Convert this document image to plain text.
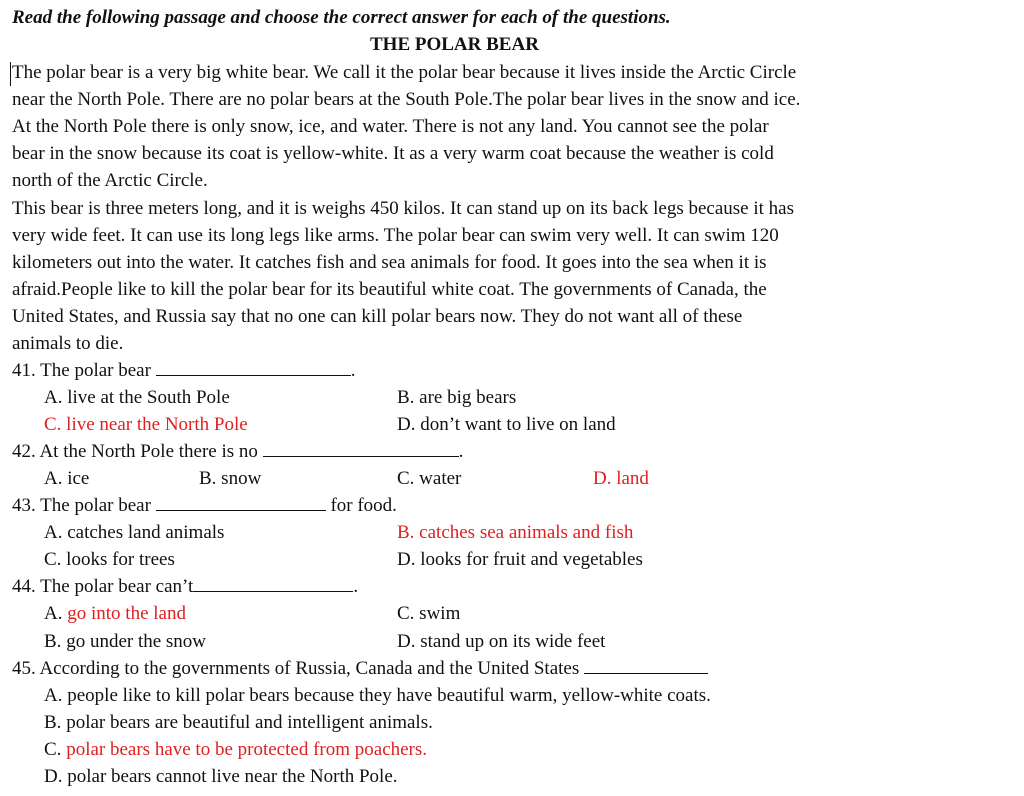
Read the following passage and choose the correct answer for each of the questions.
THE POLAR BEAR
The polar bear is a very big white bear. We call it the polar bear because it lives inside the Arctic Circle
near the North Pole. There are no polar bears at the South Pole.The polar bear lives in the snow and ice.
At the North Pole there is only snow, ice, and water. There is not any land. You cannot see the polar
bear in the snow because its coat is yellow-white. It as a very warm coat because the weather is cold
north of the Arctic Circle.
This bear is three meters long, and it is weighs 450 kilos. It can stand up on its back legs because it has
very wide feet. It can use its long legs like arms. The polar bear can swim very well. It can swim 120
kilometers out into the water. It catches fish and sea animals for food. It goes into the sea when it is
afraid.People like to kill the polar bear for its beautiful white coat. The governments of Canada, the
United States, and Russia say that no one can kill polar bears now. They do not want all of these
animals to die.
41. The polar bear	.
A. live at the South Pole	B. are big bears
C. live near the North Pole	D. don’t want to live on land
42. At the North Pole there is no	.
A. ice	B. snow	C. water	D. land
43. The polar bear	for food.
A. catches land animals	B. catches sea animals and fish
C. looks for trees	D. looks for fruit and vegetables
44. The polar bear can’t	.
A. go into the land	C. swim
B. go under the snow	D. stand up on its wide feet
45. According to the governments of Russia, Canada and the United States
A. people like to kill polar bears because they have beautiful warm, yellow-white coats.
B. polar bears are beautiful and intelligent animals.
C. polar bears have to be protected from poachers.
D. polar bears cannot live near the North Pole.
